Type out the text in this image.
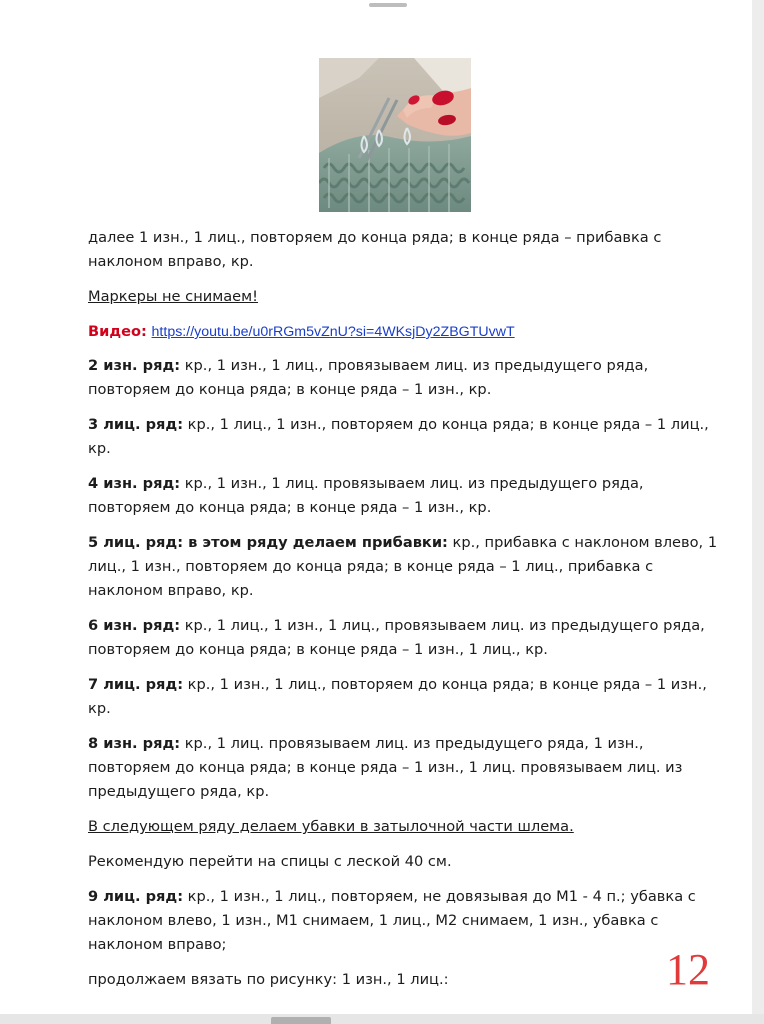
далее 1 изн., 1 лиц., повторяем до конца ряда; в конце ряда – прибавка с наклоном вправо, кр.

Маркеры не снимаем!

Видео: https://youtu.be/u0rRGm5vZnU?si=4WKsjDy2ZBGTUvwT

2 изн. ряд: кр., 1 изн., 1 лиц., провязываем лиц. из предыдущего ряда, повторяем до конца ряда; в конце ряда – 1 изн., кр.

3 лиц. ряд: кр., 1 лиц., 1 изн., повторяем до конца ряда; в конце ряда – 1 лиц., кр.

4 изн. ряд: кр., 1 изн., 1 лиц. провязываем лиц. из предыдущего ряда, повторяем до конца ряда; в конце ряда – 1 изн., кр.

5 лиц. ряд: в этом ряду делаем прибавки: кр., прибавка с наклоном влево, 1 лиц., 1 изн., повторяем до конца ряда; в конце ряда – 1 лиц., прибавка с наклоном вправо, кр.

6 изн. ряд: кр., 1 лиц., 1 изн., 1 лиц., провязываем лиц. из предыдущего ряда, повторяем до конца ряда; в конце ряда – 1 изн., 1 лиц., кр.

7 лиц. ряд: кр., 1 изн., 1 лиц., повторяем до конца ряда; в конце ряда – 1 изн., кр.

8 изн. ряд: кр., 1 лиц. провязываем лиц. из предыдущего ряда, 1 изн., повторяем до конца ряда; в конце ряда – 1 изн., 1 лиц. провязываем лиц. из предыдущего ряда, кр.

В следующем ряду делаем убавки в затылочной части шлема.

Рекомендую перейти на спицы с леской 40 см.

9 лиц. ряд: кр., 1 изн., 1 лиц., повторяем, не довязывая до М1 - 4 п.; убавка с наклоном влево, 1 изн., М1 снимаем, 1 лиц., М2 снимаем, 1 изн., убавка с наклоном вправо;

продолжаем вязать по рисунку: 1 изн., 1 лиц.:	12
